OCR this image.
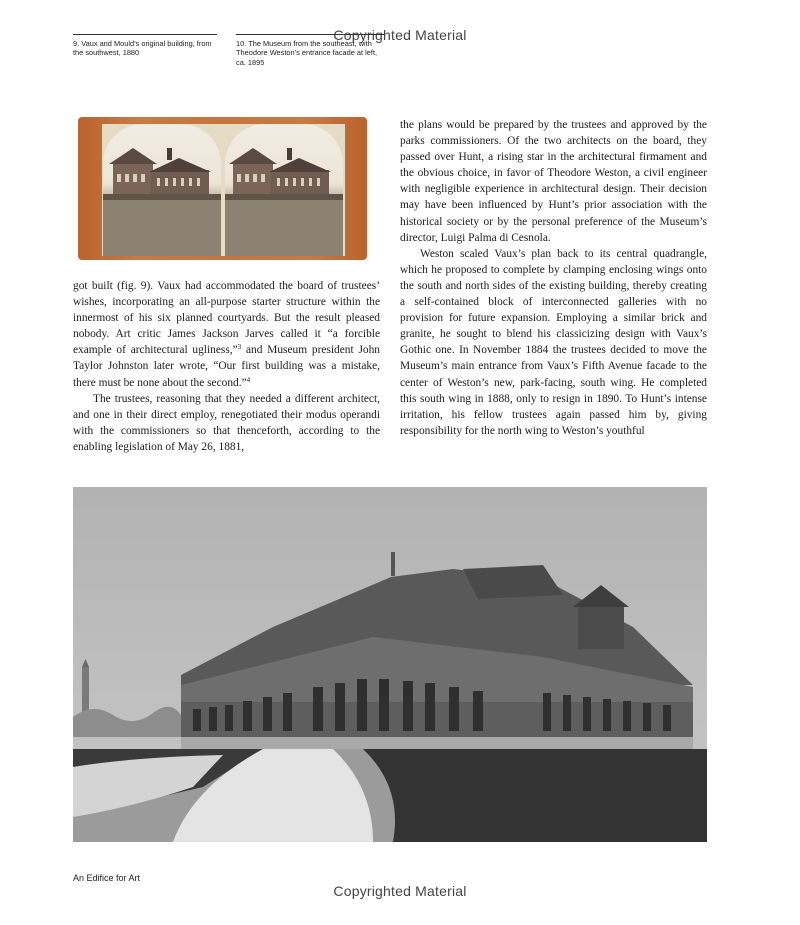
Copyrighted Material
9. Vaux and Mould’s original building, from the southwest, 1880
10. The Museum from the southeast, with Theodore Weston’s entrance facade at left, ca. 1895

got built (fig. 9). Vaux had accommodated the board of trustees’ wishes, incorporating an all-purpose starter structure within the innermost of his six planned courtyards. But the result pleased nobody. Art critic James Jackson Jarves called it “a forcible example of architectural ugliness,”$^3$ and Museum president John Taylor Johnston later wrote, “Our first building was a mistake, there must be none about the second.”$^4$

The trustees, reasoning that they needed a different architect, and one in their direct employ, renegotiated their modus operandi with the commissioners so that thenceforth, according to the enabling legislation of May 26, 1881,

the plans would be prepared by the trustees and approved by the parks commissioners. Of the two architects on the board, they passed over Hunt, a rising star in the architectural firmament and the obvious choice, in favor of Theodore Weston, a civil engineer with negligible experience in architectural design. Their decision may have been influenced by Hunt’s prior association with the historical society or by the personal preference of the Museum’s director, Luigi Palma di Cesnola.

Weston scaled Vaux’s plan back to its central quadrangle, which he proposed to complete by clamping enclosing wings onto the south and north sides of the existing building, thereby creating a self-contained block of interconnected galleries with no provision for future expansion. Employing a similar brick and granite, he sought to blend his classicizing design with Vaux’s Gothic one. In November 1884 the trustees decided to move the Museum’s main entrance from Vaux’s Fifth Avenue facade to the center of Weston’s new, park-facing, south wing. He completed this south wing in 1888, only to resign in 1890. To Hunt’s intense irritation, his fellow trustees again passed him by, giving responsibility for the north wing to Weston’s youthful

An Edifice for Art
Copyrighted Material
